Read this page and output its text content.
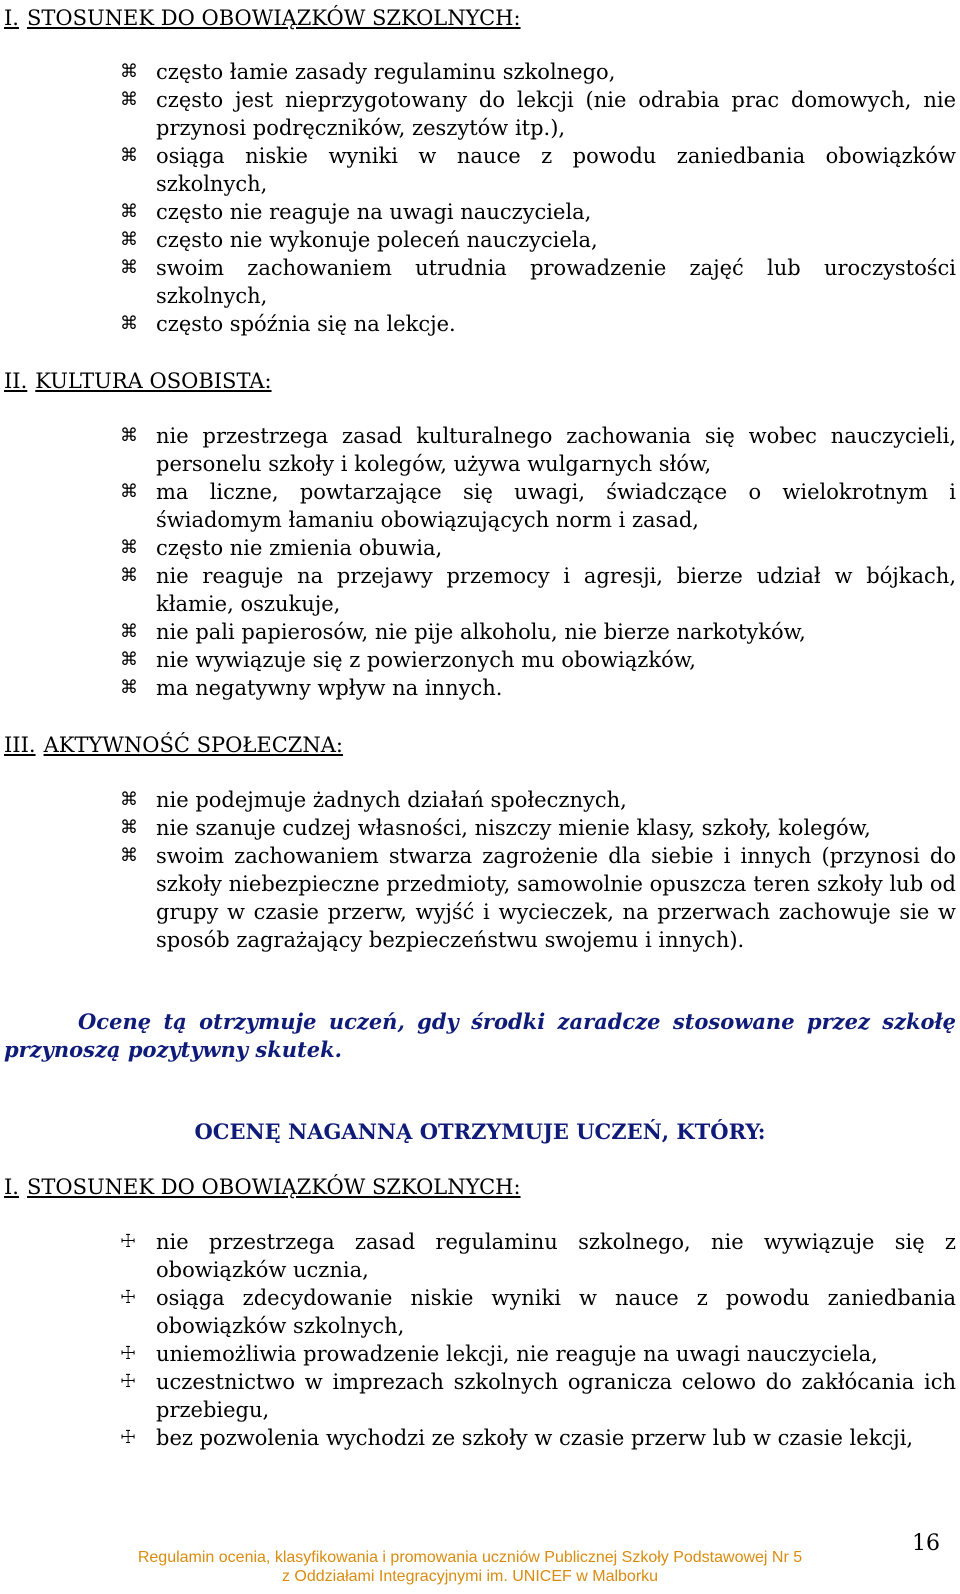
I. STOSUNEK DO OBOWIĄZKÓW SZKOLNYCH:
⌘ często łamie zasady regulaminu szkolnego,
⌘ często jest nieprzygotowany do lekcji (nie odrabia prac domowych, nie przynosi podręczników, zeszytów itp.),
⌘ osiąga niskie wyniki w nauce z powodu zaniedbania obowiązków szkolnych,
⌘ często nie reaguje na uwagi nauczyciela,
⌘ często nie wykonuje poleceń nauczyciela,
⌘ swoim zachowaniem utrudnia prowadzenie zajęć lub uroczystości szkolnych,
⌘ często spóźnia się na lekcje.
II. KULTURA OSOBISTA:
⌘ nie przestrzega zasad kulturalnego zachowania się wobec nauczycieli, personelu szkoły i kolegów, używa wulgarnych słów,
⌘ ma liczne, powtarzające się uwagi, świadczące o wielokrotnym i świadomym łamaniu obowiązujących norm i zasad,
⌘ często nie zmienia obuwia,
⌘ nie reaguje na przejawy przemocy i agresji, bierze udział w bójkach, kłamie, oszukuje,
⌘ nie pali papierosów, nie pije alkoholu, nie bierze narkotyków,
⌘ nie wywiązuje się z powierzonych mu obowiązków,
⌘ ma negatywny wpływ na innych.
III. AKTYWNOŚĆ SPOŁECZNA:
⌘ nie podejmuje żadnych działań społecznych,
⌘ nie szanuje cudzej własności, niszczy mienie klasy, szkoły, kolegów,
⌘ swoim zachowaniem stwarza zagrożenie dla siebie i innych (przynosi do szkoły niebezpieczne przedmioty, samowolnie opuszcza teren szkoły lub od grupy w czasie przerw, wyjść i wycieczek, na przerwach zachowuje sie w sposób zagrażający bezpieczeństwu swojemu i innych).
Ocenę tą otrzymuje uczeń, gdy środki zaradcze stosowane przez szkołę przynoszą pozytywny skutek.
OCENĘ NAGANNĄ OTRZYMUJE UCZEŃ, KTÓRY:
I. STOSUNEK DO OBOWIĄZKÓW SZKOLNYCH:
☩ nie przestrzega zasad regulaminu szkolnego, nie wywiązuje się z obowiązków ucznia,
☩ osiąga zdecydowanie niskie wyniki w nauce z powodu zaniedbania obowiązków szkolnych,
☩ uniemożliwia prowadzenie lekcji, nie reaguje na uwagi nauczyciela,
☩ uczestnictwo w imprezach szkolnych ogranicza celowo do zakłócania ich przebiegu,
☩ bez pozwolenia wychodzi ze szkoły w czasie przerw lub w czasie lekcji,
Regulamin ocenia, klasyfikowania i promowania uczniów Publicznej Szkoły Podstawowej Nr 5
z Oddziałami Integracyjnymi im. UNICEF w Malborku
16
